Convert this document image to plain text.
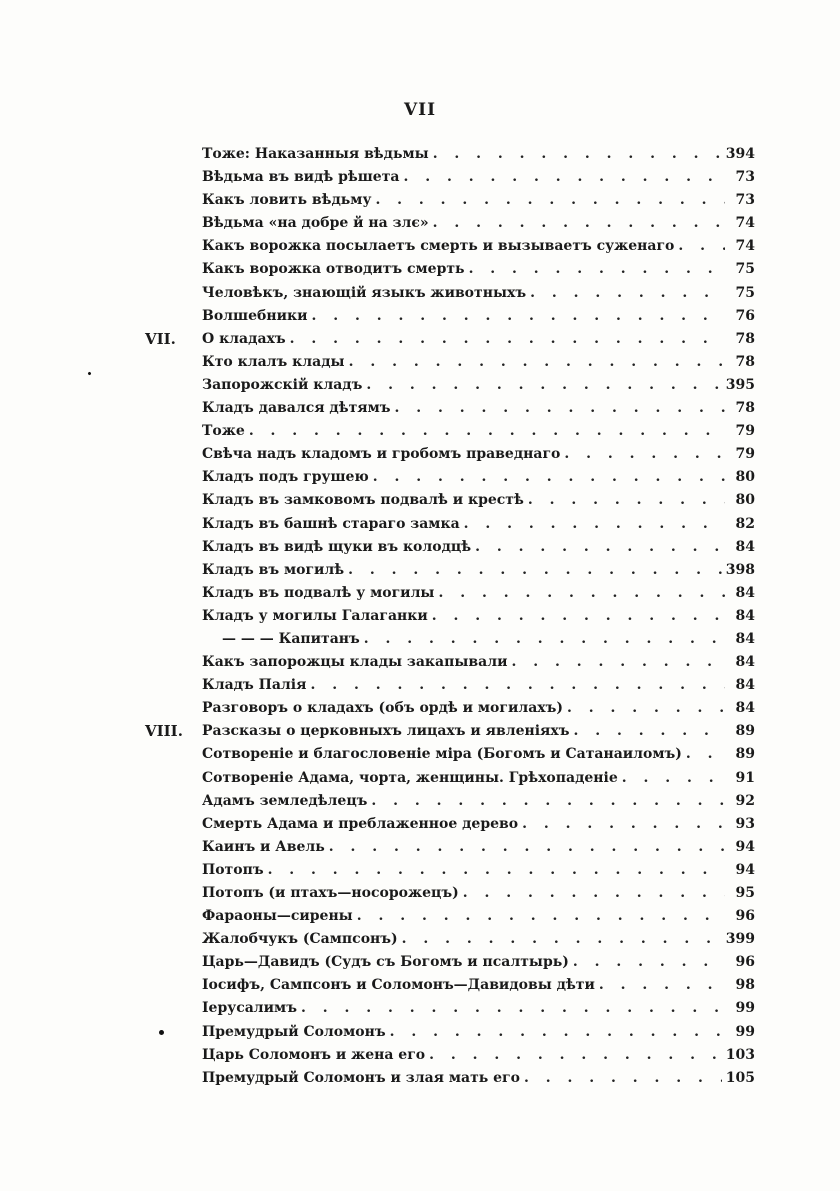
VII
Тоже: Наказанныя вѣдьмы . . .	394
Вѣдьма въ видѣ рѣшета . . .	73
Какъ ловить вѣдьму . . .	73
Вѣдьма «на добре й на злє» . . .	74
Какъ ворожка посылаетъ смерть и вызываетъ суженаго . . .	74
Какъ ворожка отводитъ смерть . . .	75
Человѣкъ, знающій языкъ животныхъ . . .	75
Волшебники . . .	76
VII.	О кладахъ . . .	78
Кто клалъ клады . . .	78
Запорожскій кладъ . . .	395
Кладъ давался дѣтямъ . . .	78
Тоже . . .	79
Свѣча надъ кладомъ и гробомъ праведнаго . . .	79
Кладъ подъ грушею . . .	80
Кладъ въ замковомъ подвалѣ и крестѣ . . .	80
Кладъ въ башнѣ стараго замка . . .	82
Кладъ въ видѣ щуки въ колодцѣ . . .	84
Кладъ въ могилѣ . . .	398
Кладъ въ подвалѣ у могилы . . .	84
Кладъ у могилы Галаганки . . .	84
— — — Капитанъ . . .	84
Какъ запорожцы клады закапывали . . .	84
Кладъ Палія . . .	84
Разговоръ о кладахъ (объ ордѣ и могилахъ) . . .	84
VIII.	Разсказы о церковныхъ лицахъ и явленіяхъ . . .	89
Сотвореніе и благословеніе міра (Богомъ и Сатанаиломъ) . . .	89
Сотвореніе Адама, чорта, женщины. Грѣхопаденіе . . .	91
Адамъ земледѣлецъ . . .	92
Смерть Адама и преблаженное дерево . . .	93
Каинъ и Авель . . .	94
Потопъ . . .	94
Потопъ (и птахъ—носорожецъ) . . .	95
Фараоны—сирены . . .	96
Жалобчукъ (Сампсонъ) . . .	399
Царь—Давидъ (Судъ съ Богомъ и псалтырь) . . .	96
Іосифъ, Сампсонъ и Соломонъ—Давидовы дѣти . . .	98
Іерусалимъ . . .	99
Премудрый Соломонъ . . .	99
Царь Соломонъ и жена его . . .	103
Премудрый Соломонъ и злая мать его . . .	105
